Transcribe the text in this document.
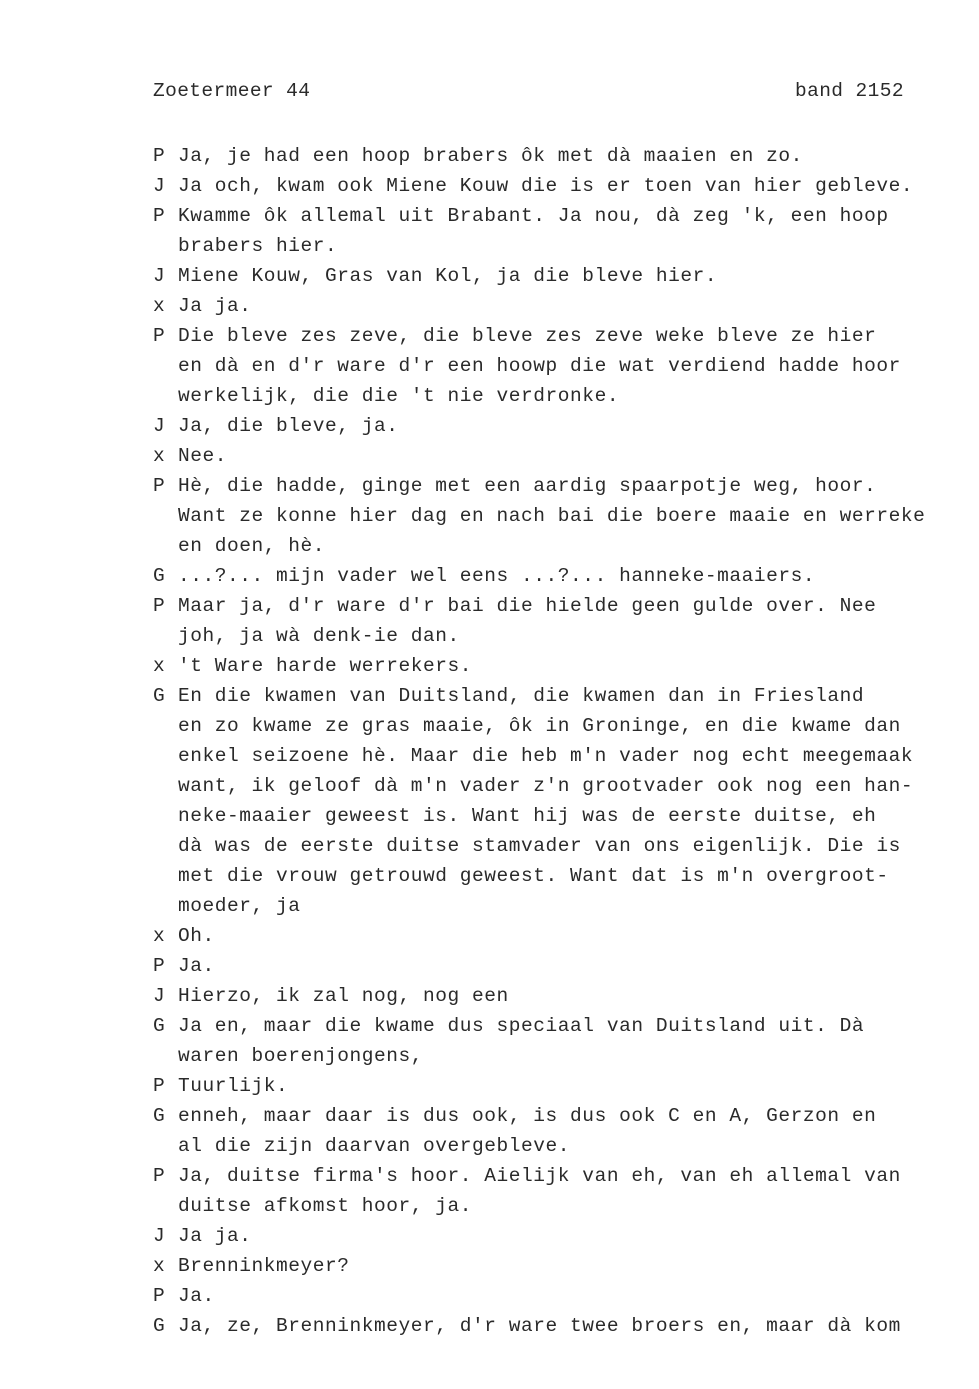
Zoetermeer 44	band 2152
P Ja, je had een hoop brabers ôk met dà maaien en zo.
J Ja och, kwam ook Miene Kouw die is er toen van hier gebleve.
P Kwamme ôk allemal uit Brabant. Ja nou, dà zeg 'k, een hoop
brabers hier.
J Miene Kouw, Gras van Kol, ja die bleve hier.
x Ja ja.
P Die bleve zes zeve, die bleve zes zeve weke bleve ze hier
en dà en d'r ware d'r een hoowp die wat verdiend hadde hoor
werkelijk, die die 't nie verdronke.
J Ja, die bleve, ja.
x Nee.
P Hè, die hadde, ginge met een aardig spaarpotje weg, hoor.
Want ze konne hier dag en nach bai die boere maaie en werreke
en doen, hè.
G ...?... mijn vader wel eens ...?... hanneke-maaiers.
P Maar ja, d'r ware d'r bai die hielde geen gulde over. Nee
joh, ja wà denk-ie dan.
x 't Ware harde werrekers.
G En die kwamen van Duitsland, die kwamen dan in Friesland
en zo kwame ze gras maaie, ôk in Groninge, en die kwame dan
enkel seizoene hè. Maar die heb m'n vader nog echt meegemaak
want, ik geloof dà m'n vader z'n grootvader ook nog een han-
neke-maaier geweest is. Want hij was de eerste duitse, eh
dà was de eerste duitse stamvader van ons eigenlijk. Die is
met die vrouw getrouwd geweest. Want dat is m'n overgroot-
moeder, ja
x Oh.
P Ja.
J Hierzo, ik zal nog, nog een
G Ja en, maar die kwame dus speciaal van Duitsland uit. Dà
waren boerenjongens,
P Tuurlijk.
G enneh, maar daar is dus ook, is dus ook C en A, Gerzon en
al die zijn daarvan overgebleve.
P Ja, duitse firma's hoor. Aielijk van eh, van eh allemal van
duitse afkomst hoor, ja.
J Ja ja.
x Brenninkmeyer?
P Ja.
G Ja, ze, Brenninkmeyer, d'r ware twee broers en, maar dà kom
